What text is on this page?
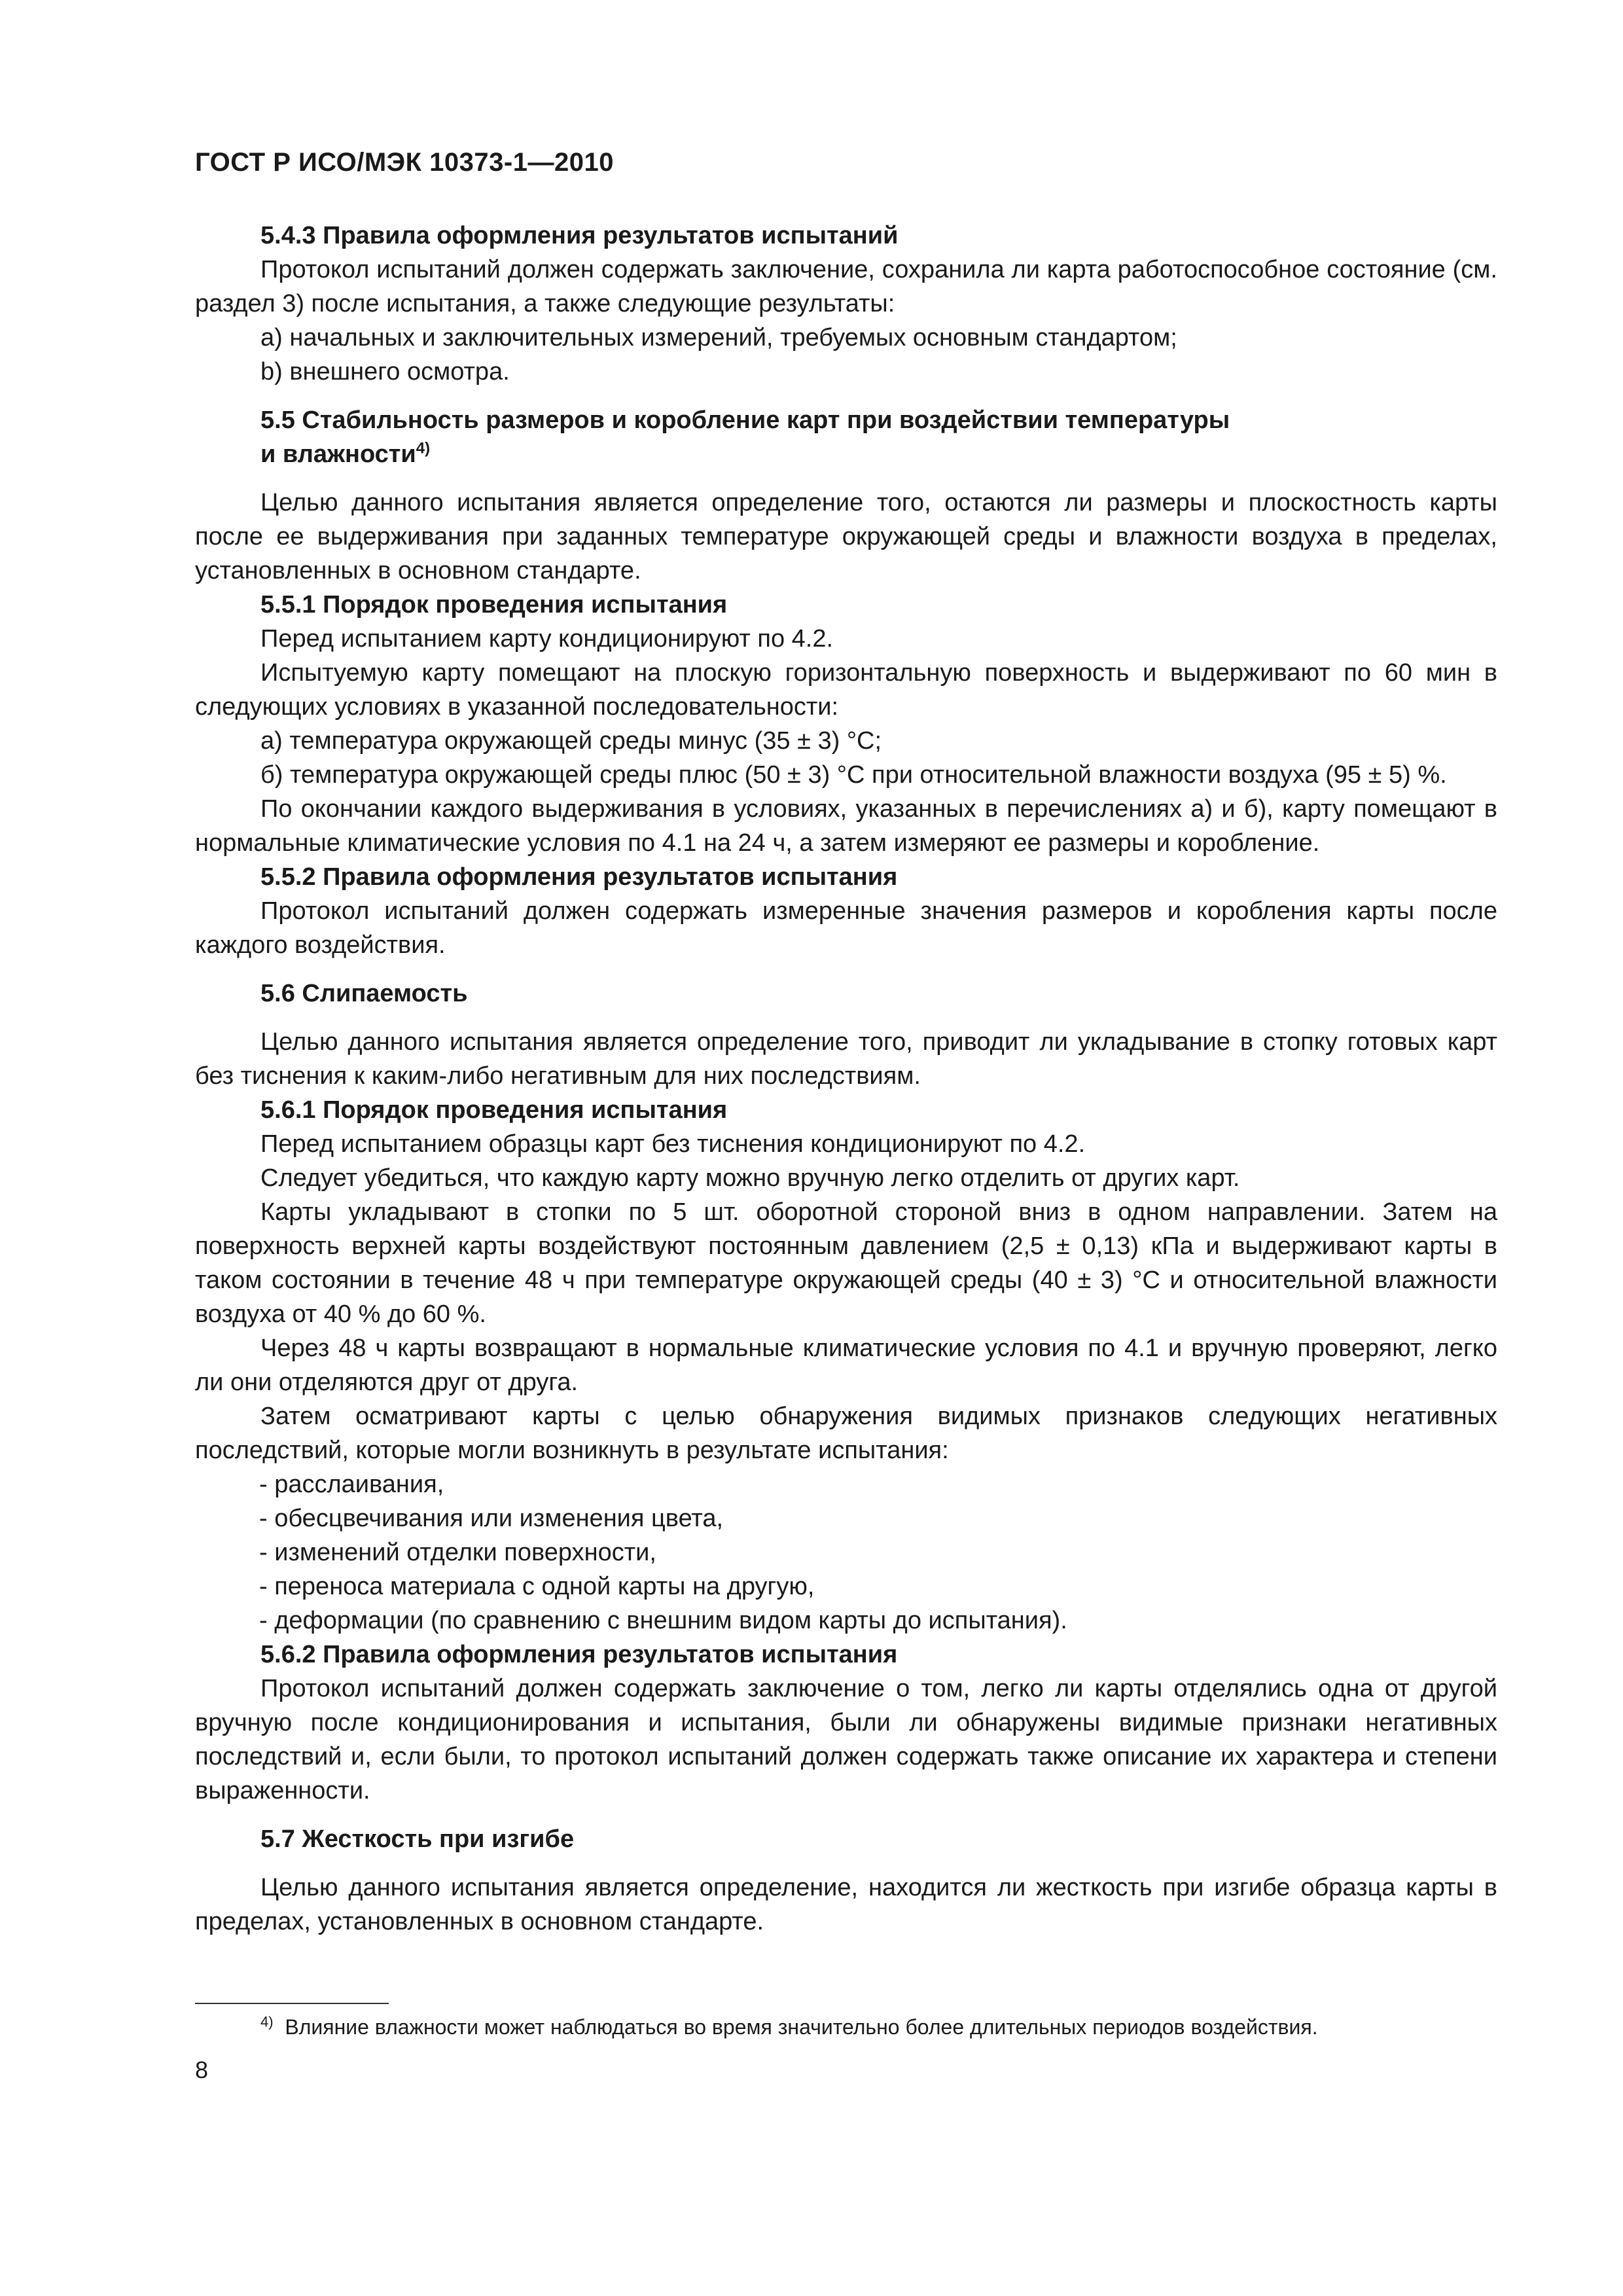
ГОСТ Р ИСО/МЭК 10373-1—2010
5.4.3 Правила оформления результатов испытаний

Протокол испытаний должен содержать заключение, сохранила ли карта работоспособное состояние (см. раздел 3) после испытания, а также следующие результаты:

a) начальных и заключительных измерений, требуемых основным стандартом;
b) внешнего осмотра.
5.5 Стабильность размеров и коробление карт при воздействии температуры
и влажности$^{4)}$

Целью данного испытания является определение того, остаются ли размеры и плоскостность карты после ее выдерживания при заданных температуре окружающей среды и влажности воздуха в пределах, установленных в основном стандарте.

5.5.1 Порядок проведения испытания

Перед испытанием карту кондиционируют по 4.2.

Испытуемую карту помещают на плоскую горизонтальную поверхность и выдерживают по 60 мин в следующих условиях в указанной последовательности:

а) температура окружающей среды минус (35 ± 3) °С;

б) температура окружающей среды плюс (50 ± 3) °С при относительной влажности воздуха (95 ± 5) %.

По окончании каждого выдерживания в условиях, указанных в перечислениях а) и б), карту помещают в нормальные климатические условия по 4.1 на 24 ч, а затем измеряют ее размеры и коробление.

5.5.2 Правила оформления результатов испытания

Протокол испытаний должен содержать измеренные значения размеров и коробления карты после каждого воздействия.

5.6 Слипаемость

Целью данного испытания является определение того, приводит ли укладывание в стопку готовых карт без тиснения к каким-либо негативным для них последствиям.

5.6.1 Порядок проведения испытания

Перед испытанием образцы карт без тиснения кондиционируют по 4.2.

Следует убедиться, что каждую карту можно вручную легко отделить от других карт.

Карты укладывают в стопки по 5 шт. оборотной стороной вниз в одном направлении. Затем на поверхность верхней карты воздействуют постоянным давлением (2,5 ± 0,13) кПа и выдерживают карты в таком состоянии в течение 48 ч при температуре окружающей среды (40 ± 3) °С и относительной влажности воздуха от 40 % до 60 %.

Через 48 ч карты возвращают в нормальные климатические условия по 4.1 и вручную проверяют, легко ли они отделяются друг от друга.

Затем осматривают карты с целью обнаружения видимых признаков следующих негативных последствий, которые могли возникнуть в результате испытания:

- расслаивания,
- обесцвечивания или изменения цвета,
- изменений отделки поверхности,
- переноса материала с одной карты на другую,
- деформации (по сравнению с внешним видом карты до испытания).
5.6.2 Правила оформления результатов испытания

Протокол испытаний должен содержать заключение о том, легко ли карты отделялись одна от другой вручную после кондиционирования и испытания, были ли обнаружены видимые признаки негативных последствий и, если были, то протокол испытаний должен содержать также описание их характера и степени выраженности.

5.7 Жесткость при изгибе

Целью данного испытания является определение, находится ли жесткость при изгибе образца карты в пределах, установленных в основном стандарте.

$^{4)}$ Влияние влажности может наблюдаться во время значительно более длительных периодов воздействия.
8
